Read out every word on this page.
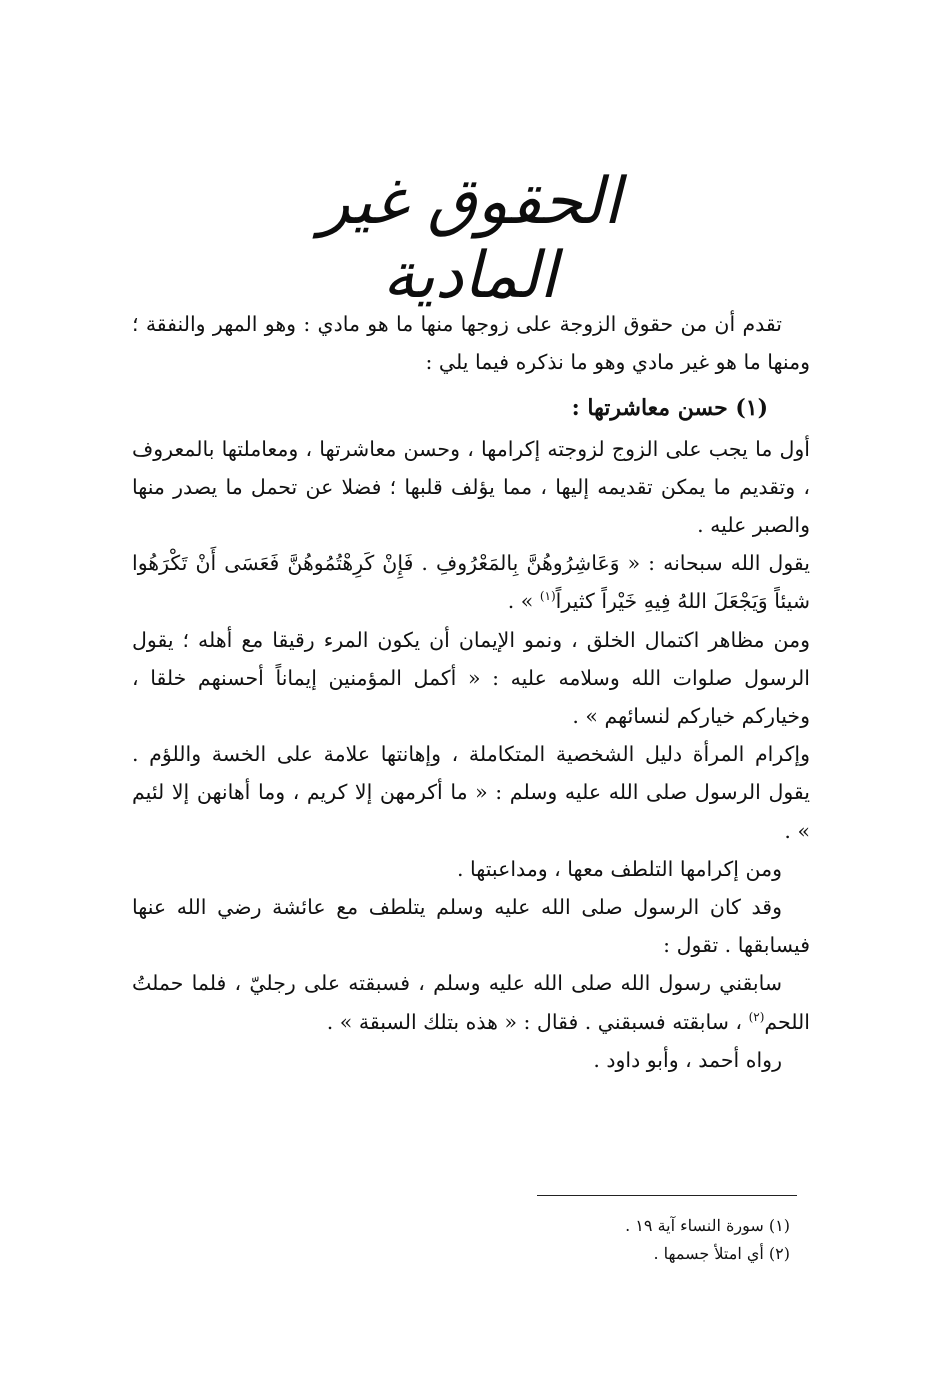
الحقوق غير المادية

تقدم أن من حقوق الزوجة على زوجها منها ما هو مادي : وهو المهر والنفقة ؛ ومنها ما هو غير مادي وهو ما نذكره فيما يلي :

(١) حسن معاشرتها :

أول ما يجب على الزوج لزوجته إكرامها ، وحسن معاشرتها ، ومعاملتها بالمعروف ، وتقديم ما يمكن تقديمه إليها ، مما يؤلف قلبها ؛ فضلا عن تحمل ما يصدر منها والصبر عليه .

يقول الله سبحانه : « وَعَاشِرُوهُنَّ بِالمَعْرُوفِ . فَإِنْ كَرِهْتُمُوهُنَّ فَعَسَى أَنْ تَكْرَهُوا شيئاً وَيَجْعَلَ اللهُ فِيهِ خَيْراً كثيراً$^{(١)}$ » .

ومن مظاهر اكتمال الخلق ، ونمو الإيمان أن يكون المرء رقيقا مع أهله ؛ يقول الرسول صلوات الله وسلامه عليه : « أكمل المؤمنين إيماناً أحسنهم خلقا ، وخياركم خياركم لنسائهم » .

وإكرام المرأة دليل الشخصية المتكاملة ، وإهانتها علامة على الخسة واللؤم . يقول الرسول صلى الله عليه وسلم : « ما أكرمهن إلا كريم ، وما أهانهن إلا لئيم » .

ومن إكرامها التلطف معها ، ومداعبتها .

وقد كان الرسول صلى الله عليه وسلم يتلطف مع عائشة رضي الله عنها فيسابقها . تقول :

سابقني رسول الله صلى الله عليه وسلم ، فسبقته على رجليّ ، فلما حملتُ اللحم$^{(٢)}$ ، سابقته فسبقني . فقال : « هذه بتلك السبقة » .

رواه أحمد ، وأبو داود .

(١) سورة النساء آية ١٩ .

(٢) أي امتلأ جسمها .
